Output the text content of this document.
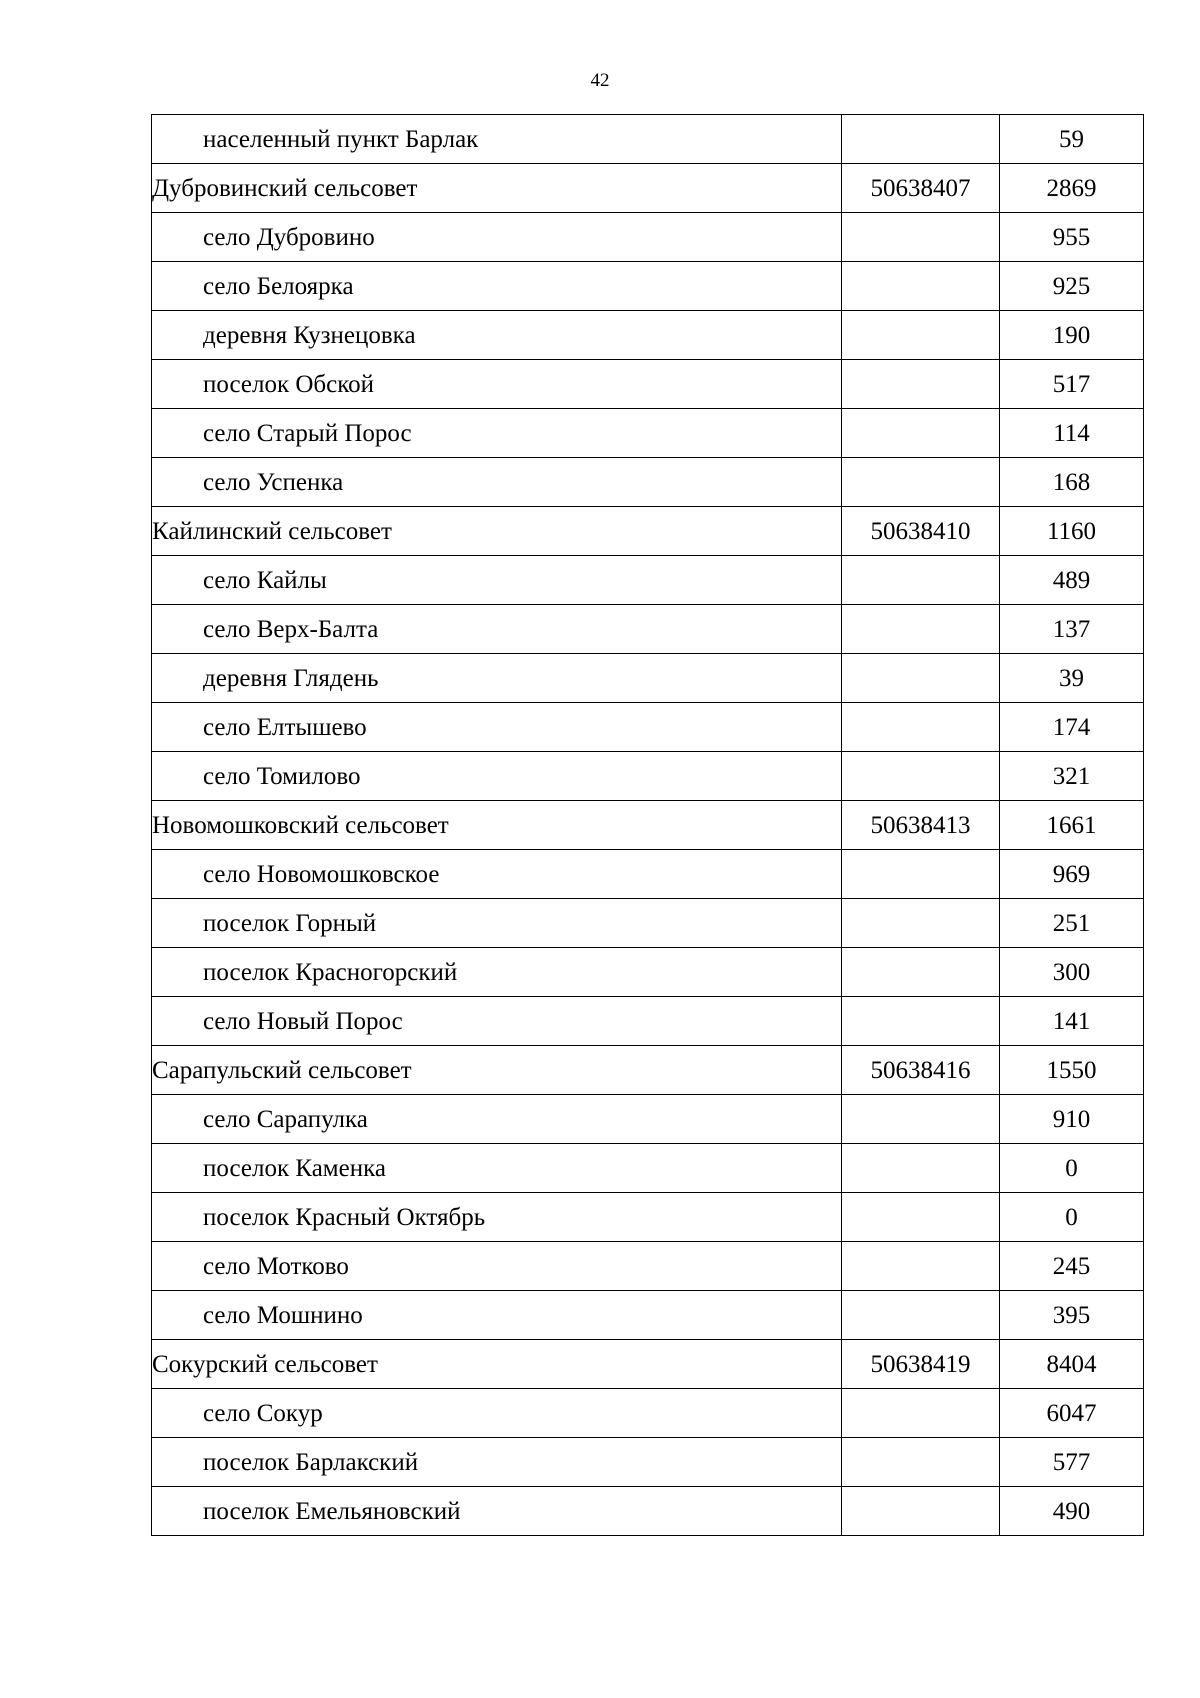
42
населенный пункт Барлак		59
Дубровинский сельсовет	50638407	2869
село Дубровино		955
село Белоярка		925
деревня Кузнецовка		190
поселок Обской		517
село Старый Порос		114
село Успенка		168
Кайлинский сельсовет	50638410	1160
село Кайлы		489
село Верх-Балта		137
деревня Глядень		39
село Елтышево		174
село Томилово		321
Новомошковский сельсовет	50638413	1661
село Новомошковское		969
поселок Горный		251
поселок Красногорский		300
село Новый Порос		141
Сарапульский сельсовет	50638416	1550
село Сарапулка		910
поселок Каменка		0
поселок Красный Октябрь		0
село Мотково		245
село Мошнино		395
Сокурский сельсовет	50638419	8404
село Сокур		6047
поселок Барлакский		577
поселок Емельяновский		490
